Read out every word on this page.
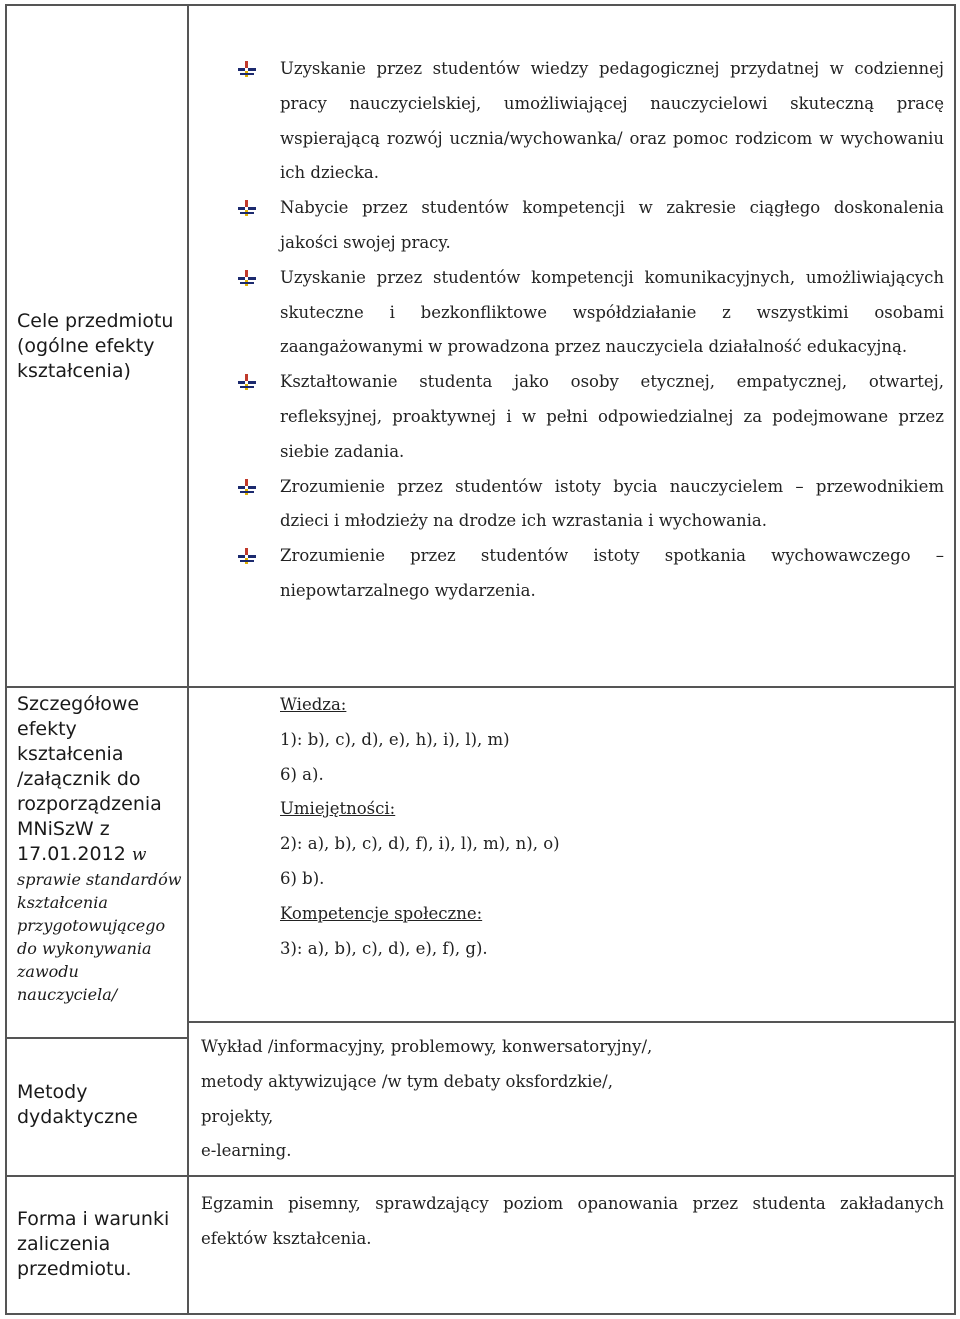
Cele przedmiotu (ogólne efekty kształcenia)
Uzyskanie przez studentów wiedzy pedagogicznej przydatnej w codziennej pracy nauczycielskiej, umożliwiającej nauczycielowi skuteczną pracę wspierającą rozwój ucznia/wychowanka/ oraz pomoc rodzicom w wychowaniu ich dziecka.
Nabycie przez studentów kompetencji w zakresie ciągłego doskonalenia jakości swojej pracy.
Uzyskanie przez studentów kompetencji komunikacyjnych, umożliwiających skuteczne i bezkonfliktowe współdziałanie z wszystkimi osobami zaangażowanymi w prowadzona przez nauczyciela działalność edukacyjną.
Kształtowanie studenta jako osoby etycznej, empatycznej, otwartej, refleksyjnej, proaktywnej i w pełni odpowiedzialnej za podejmowane przez siebie zadania.
Zrozumienie przez studentów istoty bycia nauczycielem – przewodnikiem dzieci i młodzieży na drodze ich wzrastania i wychowania.
Zrozumienie przez studentów istoty spotkania wychowawczego – niepowtarzalnego wydarzenia.
Szczegółowe efekty kształcenia /załącznik do rozporządzenia MNiSzW z 17.01.2012 w
sprawie standardów kształcenia przygotowującego do wykonywania zawodu nauczyciela/
Wiedza:
1): b), c), d), e), h), i), l), m)
6) a).
Umiejętności:
2): a), b), c), d), f), i), l), m), n), o)
6) b).
Kompetencje społeczne:
3): a), b), c), d), e), f), g).
Metody dydaktyczne
Wykład /informacyjny, problemowy, konwersatoryjny/,
metody aktywizujące /w tym debaty oksfordzkie/,
projekty,
e-learning.
Forma i warunki zaliczenia przedmiotu.
Egzamin pisemny, sprawdzający poziom opanowania przez studenta zakładanych efektów kształcenia.
